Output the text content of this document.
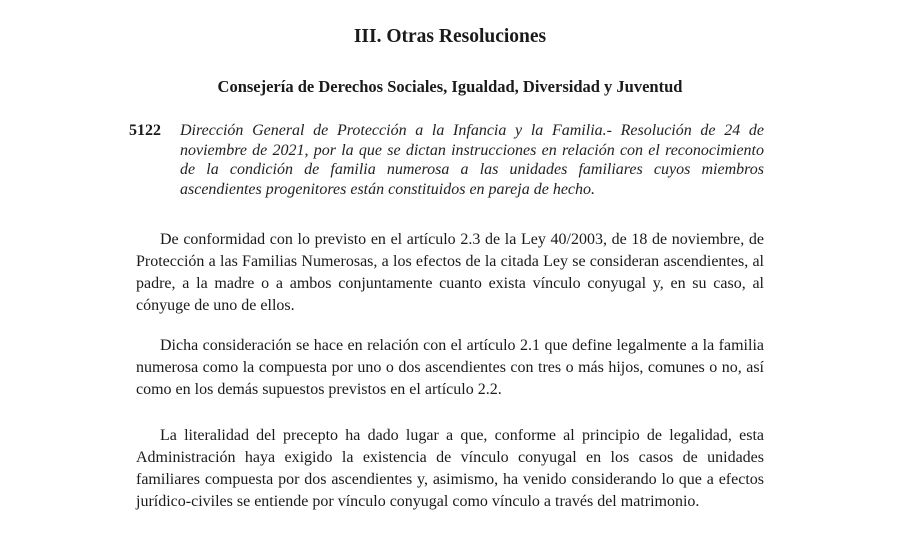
III. Otras Resoluciones
Consejería de Derechos Sociales, Igualdad, Diversidad y Juventud
5122 Dirección General de Protección a la Infancia y la Familia.- Resolución de 24 de noviembre de 2021, por la que se dictan instrucciones en relación con el reconocimiento de la condición de familia numerosa a las unidades familiares cuyos miembros ascendientes progenitores están constituidos en pareja de hecho.

De conformidad con lo previsto en el artículo 2.3 de la Ley 40/2003, de 18 de noviembre, de Protección a las Familias Numerosas, a los efectos de la citada Ley se consideran ascendientes, al padre, a la madre o a ambos conjuntamente cuanto exista vínculo conyugal y, en su caso, al cónyuge de uno de ellos.

Dicha consideración se hace en relación con el artículo 2.1 que define legalmente a la familia numerosa como la compuesta por uno o dos ascendientes con tres o más hijos, comunes o no, así como en los demás supuestos previstos en el artículo 2.2.

La literalidad del precepto ha dado lugar a que, conforme al principio de legalidad, esta Administración haya exigido la existencia de vínculo conyugal en los casos de unidades familiares compuesta por dos ascendientes y, asimismo, ha venido considerando lo que a efectos jurídico-civiles se entiende por vínculo conyugal como vínculo a través del matrimonio.
